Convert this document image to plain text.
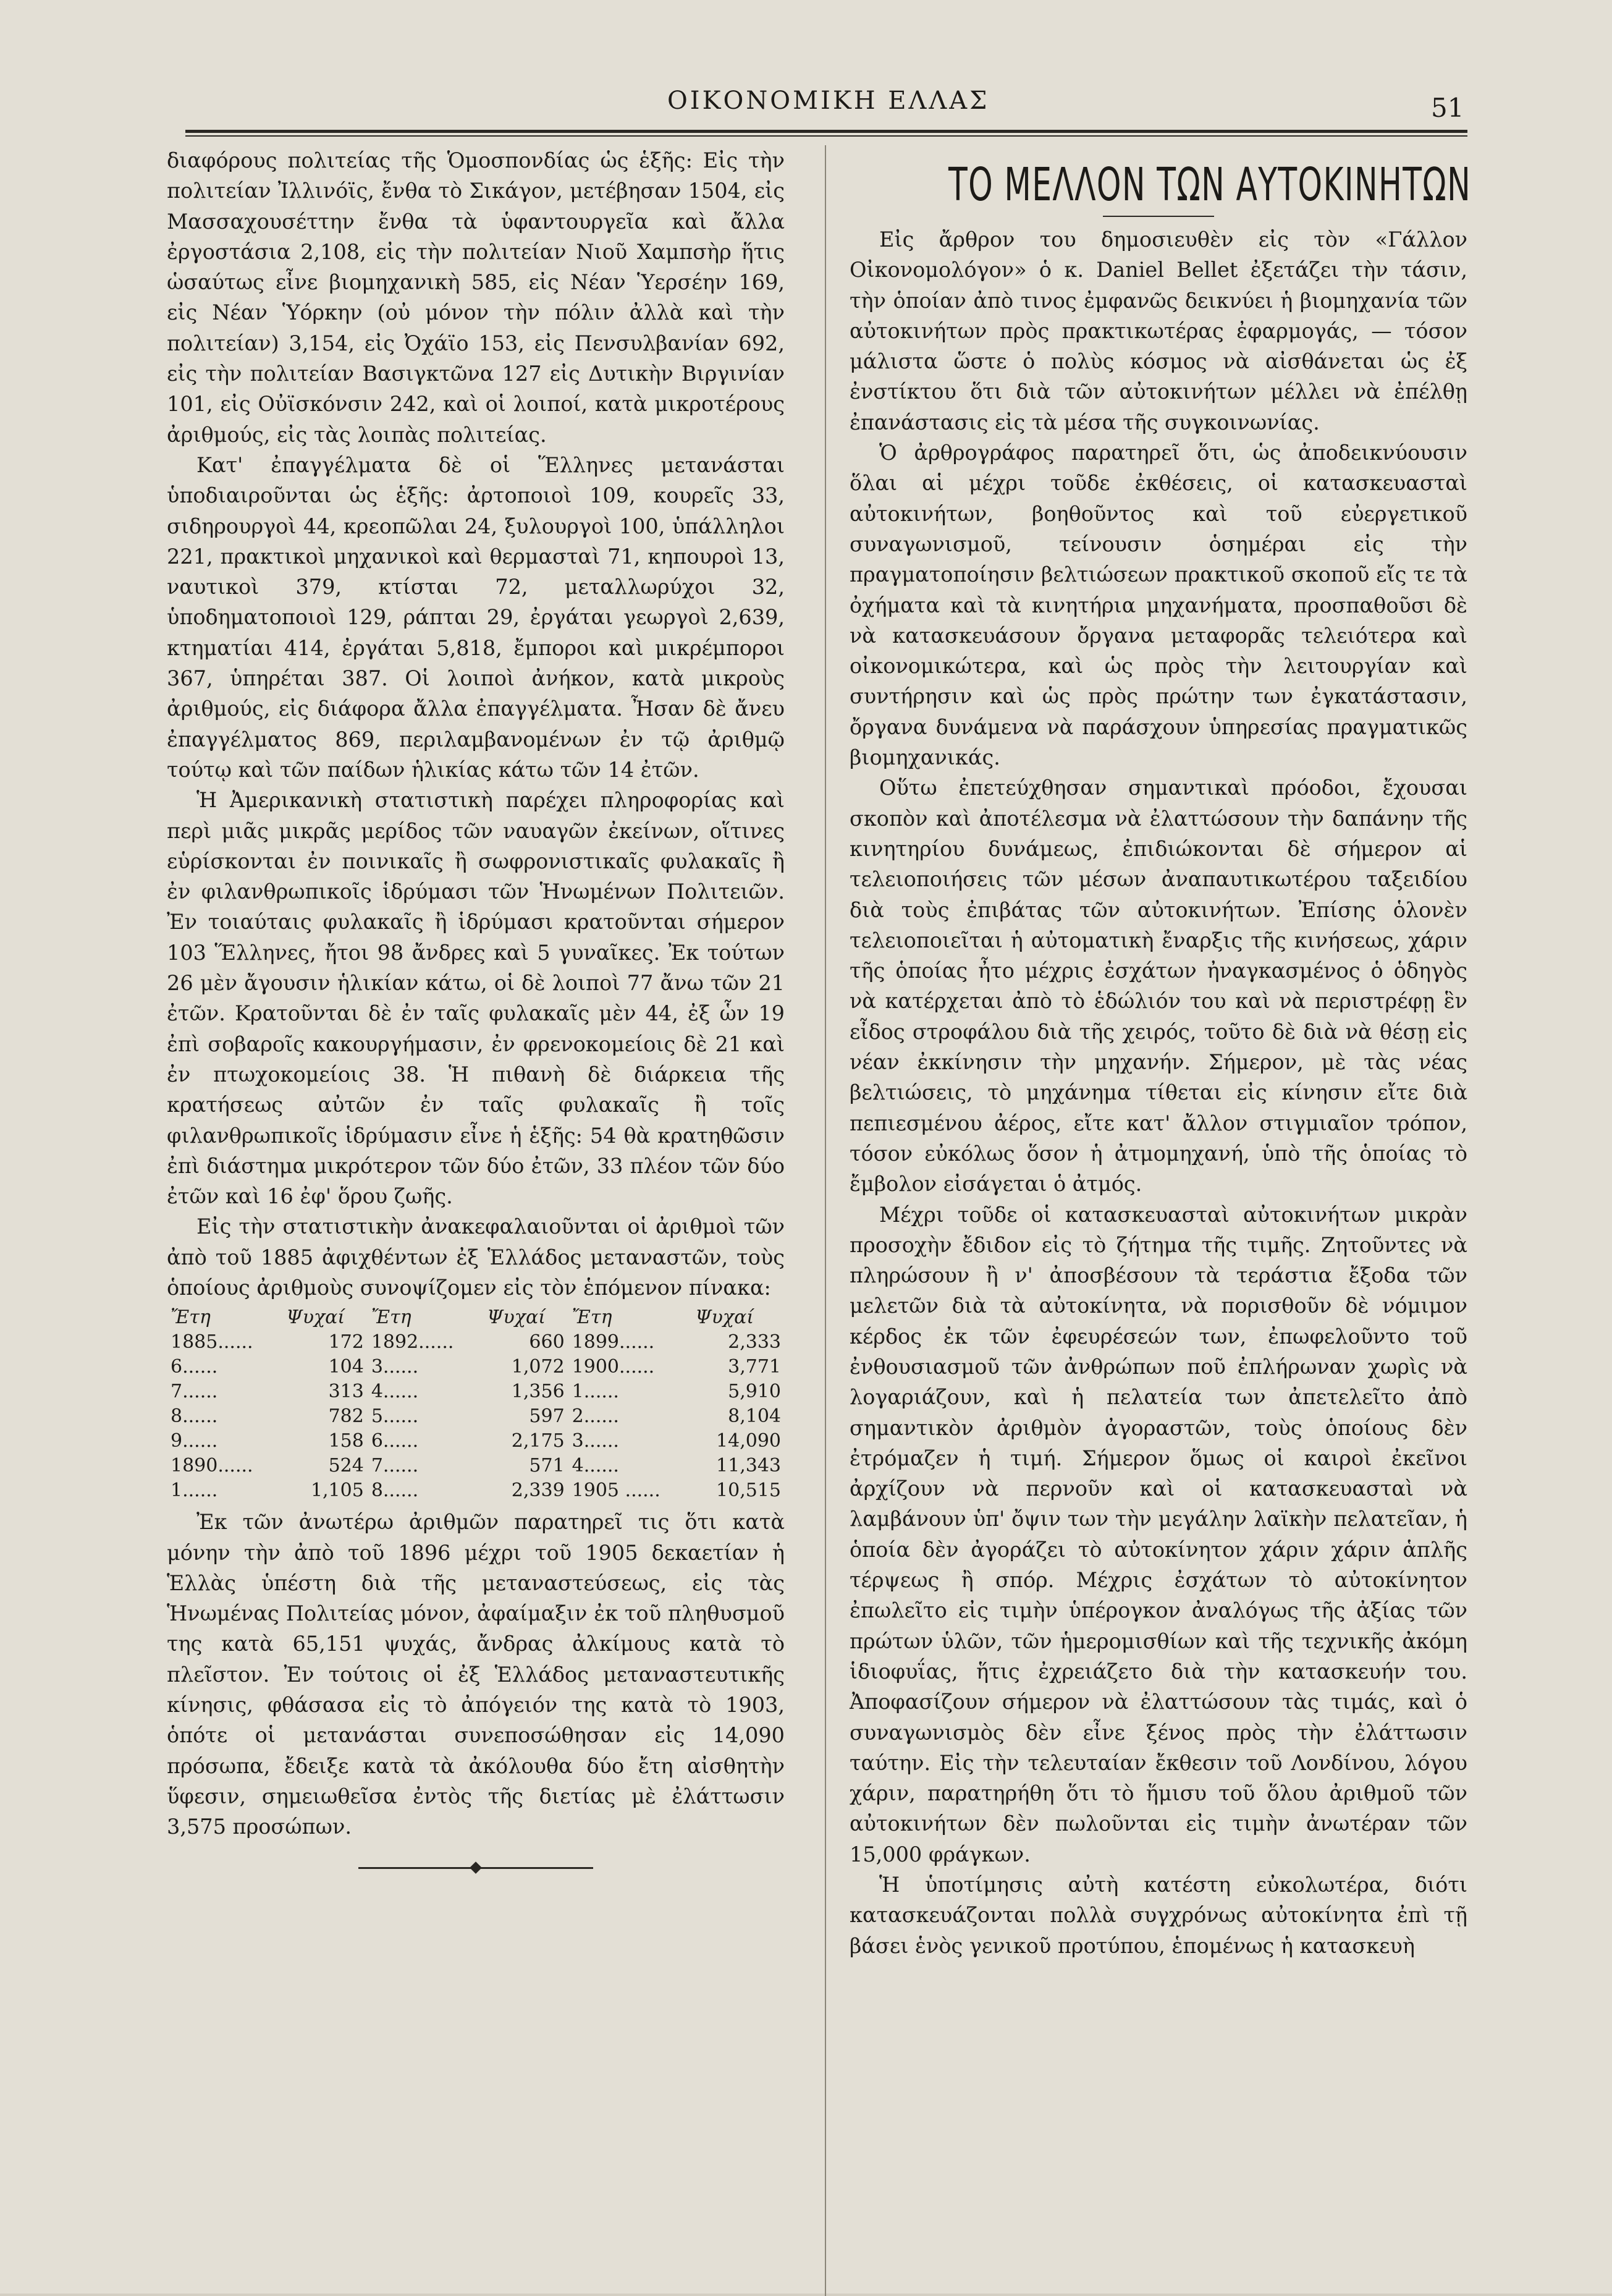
ΟΙΚΟΝΟΜΙΚΗ ΕΛΛΑΣ	51

διαφόρους πολιτείας τῆς Ὁμοσπονδίας ὡς ἑξῆς: Εἰς τὴν πολιτείαν Ἰλλινόϊς, ἔνθα τὸ Σικάγον, μετέβησαν 1504, εἰς Μασσαχουσέττην ἔνθα τὰ ὑφαντουργεῖα καὶ ἄλλα ἐργοστάσια 2,108, εἰς τὴν πολιτείαν Νιοῦ Χαμπσὴρ ἥτις ὡσαύτως εἶνε βιομηχανικὴ 585, εἰς Νέαν Ὑερσέην 169, εἰς Νέαν Ὑόρκην (οὐ μόνον τὴν πόλιν ἀλλὰ καὶ τὴν πολιτείαν) 3,154, εἰς Ὀχάϊο 153, εἰς Πενσυλβανίαν 692, εἰς τὴν πολιτείαν Βασιγκτῶνα 127 εἰς Δυτικὴν Βιργινίαν 101, εἰς Οὐϊσκόνσιν 242, καὶ οἱ λοιποί, κατὰ μικροτέρους ἀριθμούς, εἰς τὰς λοιπὰς πολιτείας.

Κατ' ἐπαγγέλματα δὲ οἱ Ἕλληνες μετανάσται ὑποδιαιροῦνται ὡς ἑξῆς: ἀρτοποιοὶ 109, κουρεῖς 33, σιδηρουργοὶ 44, κρεοπῶλαι 24, ξυλουργοὶ 100, ὑπάλληλοι 221, πρακτικοὶ μηχανικοὶ καὶ θερμασταὶ 71, κηπουροὶ 13, ναυτικοὶ 379, κτίσται 72, μεταλλωρύχοι 32, ὑποδηματοποιοὶ 129, ράπται 29, ἐργάται γεωργοὶ 2,639, κτηματίαι 414, ἐργάται 5,818, ἔμποροι καὶ μικρέμποροι 367, ὑπηρέται 387. Οἱ λοιποὶ ἀνήκον, κατὰ μικροὺς ἀριθμούς, εἰς διάφορα ἄλλα ἐπαγγέλματα. Ἦσαν δὲ ἄνευ ἐπαγγέλματος 869, περιλαμβανομένων ἐν τῷ ἀριθμῷ τούτῳ καὶ τῶν παίδων ἡλικίας κάτω τῶν 14 ἐτῶν.

Ἡ Ἀμερικανικὴ στατιστικὴ παρέχει πληροφορίας καὶ περὶ μιᾶς μικρᾶς μερίδος τῶν ναυαγῶν ἐκείνων, οἵτινες εὑρίσκονται ἐν ποινικαῖς ἢ σωφρονιστικαῖς φυλακαῖς ἢ ἐν φιλανθρωπικοῖς ἱδρύμασι τῶν Ἡνωμένων Πολιτειῶν. Ἐν τοιαύταις φυλακαῖς ἢ ἱδρύμασι κρατοῦνται σήμερον 103 Ἕλληνες, ἤτοι 98 ἄνδρες καὶ 5 γυναῖκες. Ἐκ τούτων 26 μὲν ἄγουσιν ἡλικίαν κάτω, οἱ δὲ λοιποὶ 77 ἄνω τῶν 21 ἐτῶν. Κρατοῦνται δὲ ἐν ταῖς φυλακαῖς μὲν 44, ἐξ ὧν 19 ἐπὶ σοβαροῖς κακουργήμασιν, ἐν φρενοκομείοις δὲ 21 καὶ ἐν πτωχοκομείοις 38. Ἡ πιθανὴ δὲ διάρκεια τῆς κρατήσεως αὐτῶν ἐν ταῖς φυλακαῖς ἢ τοῖς φιλανθρωπικοῖς ἱδρύμασιν εἶνε ἡ ἑξῆς: 54 θὰ κρατηθῶσιν ἐπὶ διάστημα μικρότερον τῶν δύο ἐτῶν, 33 πλέον τῶν δύο ἐτῶν καὶ 16 ἐφ' ὅρου ζωῆς.

Εἰς τὴν στατιστικὴν ἀνακεφαλαιοῦνται οἱ ἀριθμοὶ τῶν ἀπὸ τοῦ 1885 ἀφιχθέντων ἐξ Ἑλλάδος μεταναστῶν, τοὺς ὁποίους ἀριθμοὺς συνοψίζομεν εἰς τὸν ἑπόμενον πίνακα:

Ἔτη	Ψυχαί	Ἔτη	Ψυχαί	Ἔτη	Ψυχαί
1885......	172	1892......	660	1899......	2,333
6......	104	3......	1,072	1900......	3,771
7......	313	4......	1,356	1......	5,910
8......	782	5......	597	2......	8,104
9......	158	6......	2,175	3......	14,090
1890......	524	7......	571	4......	11,343
1......	1,105	8......	2,339	1905 ......	10,515

Ἐκ τῶν ἀνωτέρω ἀριθμῶν παρατηρεῖ τις ὅτι κατὰ μόνην τὴν ἀπὸ τοῦ 1896 μέχρι τοῦ 1905 δεκαετίαν ἡ Ἑλλὰς ὑπέστη διὰ τῆς μεταναστεύσεως, εἰς τὰς Ἡνωμένας Πολιτείας μόνον, ἀφαίμαξιν ἐκ τοῦ πληθυσμοῦ της κατὰ 65,151 ψυχάς, ἄνδρας ἀλκίμους κατὰ τὸ πλεῖστον. Ἐν τούτοις οἱ ἐξ Ἑλλάδος μεταναστευτικῆς κίνησις, φθάσασα εἰς τὸ ἀπόγειόν της κατὰ τὸ 1903, ὁπότε οἱ μετανάσται συνεποσώθησαν εἰς 14,090 πρόσωπα, ἔδειξε κατὰ τὰ ἀκόλουθα δύο ἔτη αἰσθητὴν ὕφεσιν, σημειωθεῖσα ἐντὸς τῆς διετίας μὲ ἐλάττωσιν 3,575 προσώπων.

ΤΟ ΜΕΛΛΟΝ ΤΩΝ ΑΥΤΟΚΙΝΗΤΩΝ

Εἰς ἄρθρον του δημοσιευθὲν εἰς τὸν «Γάλλον Οἰκονομολόγον» ὁ κ. Daniel Bellet ἐξετάζει τὴν τάσιν, τὴν ὁποίαν ἀπὸ τινος ἐμφανῶς δεικνύει ἡ βιομηχανία τῶν αὐτοκινήτων πρὸς πρακτικωτέρας ἐφαρμογάς, — τόσον μάλιστα ὥστε ὁ πολὺς κόσμος νὰ αἰσθάνεται ὡς ἐξ ἐνστίκτου ὅτι διὰ τῶν αὐτοκινήτων μέλλει νὰ ἐπέλθῃ ἐπανάστασις εἰς τὰ μέσα τῆς συγκοινωνίας.

Ὁ ἀρθρογράφος παρατηρεῖ ὅτι, ὡς ἀποδεικνύουσιν ὅλαι αἱ μέχρι τοῦδε ἐκθέσεις, οἱ κατασκευασταὶ αὐτοκινήτων, βοηθοῦντος καὶ τοῦ εὐεργετικοῦ συναγωνισμοῦ, τείνουσιν ὁσημέραι εἰς τὴν πραγματοποίησιν βελτιώσεων πρακτικοῦ σκοποῦ εἴς τε τὰ ὀχήματα καὶ τὰ κινητήρια μηχανήματα, προσπαθοῦσι δὲ νὰ κατασκευάσουν ὄργανα μεταφορᾶς τελειότερα καὶ οἰκονομικώτερα, καὶ ὡς πρὸς τὴν λειτουργίαν καὶ συντήρησιν καὶ ὡς πρὸς πρώτην των ἐγκατάστασιν, ὄργανα δυνάμενα νὰ παράσχουν ὑπηρεσίας πραγματικῶς βιομηχανικάς.

Οὕτω ἐπετεύχθησαν σημαντικαὶ πρόοδοι, ἔχουσαι σκοπὸν καὶ ἀποτέλεσμα νὰ ἐλαττώσουν τὴν δαπάνην τῆς κινητηρίου δυνάμεως, ἐπιδιώκονται δὲ σήμερον αἱ τελειοποιήσεις τῶν μέσων ἀναπαυτικωτέρου ταξειδίου διὰ τοὺς ἐπιβάτας τῶν αὐτοκινήτων. Ἐπίσης ὁλονὲν τελειοποιεῖται ἡ αὐτοματικὴ ἔναρξις τῆς κινήσεως, χάριν τῆς ὁποίας ἦτο μέχρις ἐσχάτων ἠναγκασμένος ὁ ὁδηγὸς νὰ κατέρχεται ἀπὸ τὸ ἑδώλιόν του καὶ νὰ περιστρέφῃ ἓν εἶδος στροφάλου διὰ τῆς χειρός, τοῦτο δὲ διὰ νὰ θέσῃ εἰς νέαν ἐκκίνησιν τὴν μηχανήν. Σήμερον, μὲ τὰς νέας βελτιώσεις, τὸ μηχάνημα τίθεται εἰς κίνησιν εἴτε διὰ πεπιεσμένου ἀέρος, εἴτε κατ' ἄλλον στιγμιαῖον τρόπον, τόσον εὐκόλως ὅσον ἡ ἀτμομηχανή, ὑπὸ τῆς ὁποίας τὸ ἔμβολον εἰσάγεται ὁ ἀτμός.

Μέχρι τοῦδε οἱ κατασκευασταὶ αὐτοκινήτων μικρὰν προσοχὴν ἔδιδον εἰς τὸ ζήτημα τῆς τιμῆς. Ζητοῦντες νὰ πληρώσουν ἢ ν' ἀποσβέσουν τὰ τεράστια ἔξοδα τῶν μελετῶν διὰ τὰ αὐτοκίνητα, νὰ πορισθοῦν δὲ νόμιμον κέρδος ἐκ τῶν ἐφευρέσεών των, ἐπωφελοῦντο τοῦ ἐνθουσιασμοῦ τῶν ἀνθρώπων ποῦ ἐπλήρωναν χωρὶς νὰ λογαριάζουν, καὶ ἡ πελατεία των ἀπετελεῖτο ἀπὸ σημαντικὸν ἀριθμὸν ἀγοραστῶν, τοὺς ὁποίους δὲν ἐτρόμαζεν ἡ τιμή. Σήμερον ὅμως οἱ καιροὶ ἐκεῖνοι ἀρχίζουν νὰ περνοῦν καὶ οἱ κατασκευασταὶ νὰ λαμβάνουν ὑπ' ὄψιν των τὴν μεγάλην λαϊκὴν πελατεῖαν, ἡ ὁποία δὲν ἀγοράζει τὸ αὐτοκίνητον χάριν χάριν ἁπλῆς τέρψεως ἢ σπόρ. Μέχρις ἐσχάτων τὸ αὐτοκίνητον ἐπωλεῖτο εἰς τιμὴν ὑπέρογκον ἀναλόγως τῆς ἀξίας τῶν πρώτων ὑλῶν, τῶν ἡμερομισθίων καὶ τῆς τεχνικῆς ἀκόμη ἱδιοφυΐας, ἥτις ἐχρειάζετο διὰ τὴν κατασκευήν του. Ἀποφασίζουν σήμερον νὰ ἐλαττώσουν τὰς τιμάς, καὶ ὁ συναγωνισμὸς δὲν εἶνε ξένος πρὸς τὴν ἐλάττωσιν ταύτην. Εἰς τὴν τελευταίαν ἔκθεσιν τοῦ Λονδίνου, λόγου χάριν, παρατηρήθη ὅτι τὸ ἥμισυ τοῦ ὅλου ἀριθμοῦ τῶν αὐτοκινήτων δὲν πωλοῦνται εἰς τιμὴν ἀνωτέραν τῶν 15,000 φράγκων.

Ἡ ὑποτίμησις αὐτὴ κατέστη εὐκολωτέρα, διότι κατασκευάζονται πολλὰ συγχρόνως αὐτοκίνητα ἐπὶ τῇ βάσει ἑνὸς γενικοῦ προτύπου, ἑπομένως ἡ κατασκευὴ
